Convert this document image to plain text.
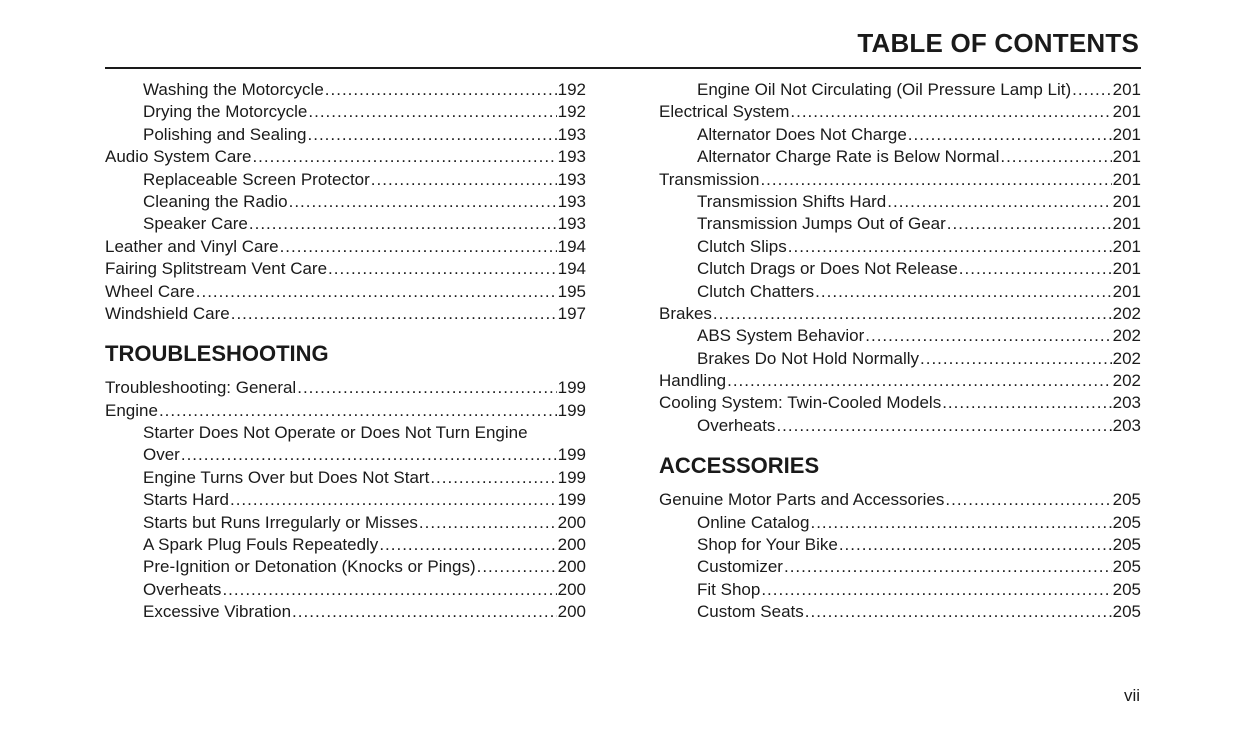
TABLE OF CONTENTS
Washing the Motorcycle .....	192
Drying the Motorcycle .....	192
Polishing and Sealing .....	193
Audio System Care .....	193
Replaceable Screen Protector .....	193
Cleaning the Radio .....	193
Speaker Care .....	193
Leather and Vinyl Care .....	194
Fairing Splitstream Vent Care .....	194
Wheel Care .....	195
Windshield Care .....	197
TROUBLESHOOTING
Troubleshooting: General .....	199
Engine .....	199
Starter Does Not Operate or Does Not Turn Engine
Over .....	199
Engine Turns Over but Does Not Start .....	199
Starts Hard .....	199
Starts but Runs Irregularly or Misses .....	200
A Spark Plug Fouls Repeatedly .....	200
Pre-Ignition or Detonation (Knocks or Pings) .....	200
Overheats .....	200
Excessive Vibration .....	200
Engine Oil Not Circulating (Oil Pressure Lamp Lit) ..... 201
Electrical System .....	201
Alternator Does Not Charge .....	201
Alternator Charge Rate is Below Normal .....	201
Transmission .....	201
Transmission Shifts Hard .....	201
Transmission Jumps Out of Gear .....	201
Clutch Slips .....	201
Clutch Drags or Does Not Release .....	201
Clutch Chatters .....	201
Brakes .....	202
ABS System Behavior .....	202
Brakes Do Not Hold Normally .....	202
Handling .....	202
Cooling System: Twin-Cooled Models .....	203
Overheats .....	203
ACCESSORIES
Genuine Motor Parts and Accessories .....	205
Online Catalog .....	205
Shop for Your Bike .....	205
Customizer .....	205
Fit Shop .....	205
Custom Seats .....	205
vii
